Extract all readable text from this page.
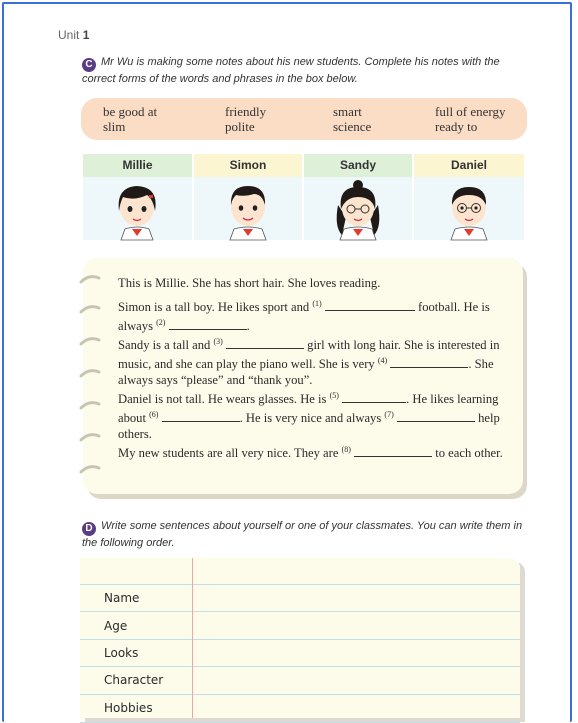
Unit 1
C Mr Wu is making some notes about his new students. Complete his notes with the correct forms of the words and phrases in the box below.
be good at	friendly	smart	full of energy
slim	polite	science	ready to
Millie	Simon	Sandy	Daniel
This is Millie. She has short hair. She loves reading.
Simon is a tall boy. He likes sport and $^{(1)}$	football. He is always $^{(2)}$	.
Sandy is a tall and $^{(3)}$	girl with long hair. She is interested in music, and she can play the piano well. She is very $^{(4)}$	. She always says “please” and “thank you”.
Daniel is not tall. He wears glasses. He is $^{(5)}$	. He likes learning about $^{(6)}$	. He is very nice and always $^{(7)}$	help others.
My new students are all very nice. They are $^{(8)}$	to each other.
D Write some sentences about yourself or one of your classmates. You can write them in the following order.
Name
Age
Looks
Character
Hobbies
